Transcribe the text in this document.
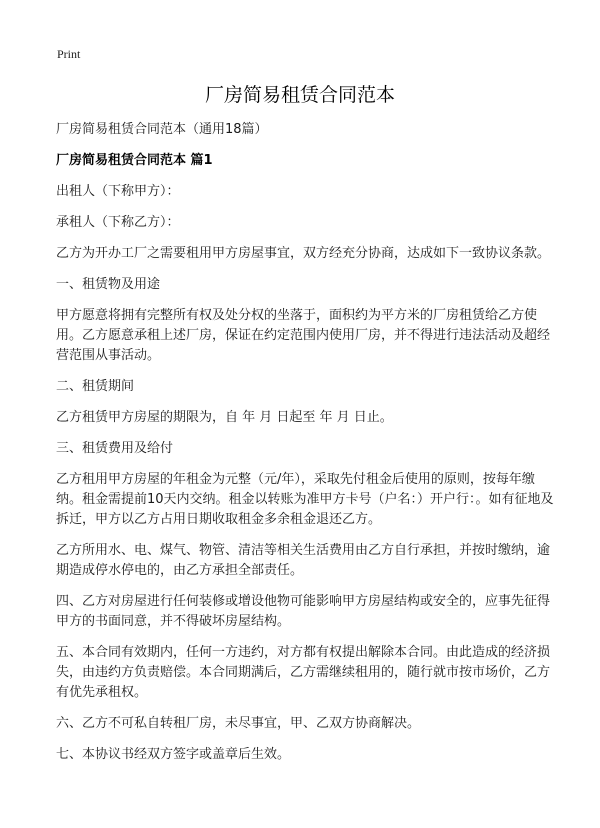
Print
厂房简易租赁合同范本

厂房简易租赁合同范本（通用18篇）

厂房简易租赁合同范本 篇1

出租人（下称甲方）：

承租人（下称乙方）：

乙方为开办工厂之需要租用甲方房屋事宜，双方经充分协商，达成如下一致协议条款。

一、租赁物及用途

甲方愿意将拥有完整所有权及处分权的坐落于，面积约为平方米的厂房租赁给乙方使用。乙方愿意承租上述厂房，保证在约定范围内使用厂房，并不得进行违法活动及超经营范围从事活动。

二、租赁期间

乙方租赁甲方房屋的期限为，自 年 月 日起至 年 月 日止。

三、租赁费用及给付

乙方租用甲方房屋的年租金为元整（元/年），采取先付租金后使用的原则，按每年缴纳。租金需提前10天内交纳。租金以转账为准甲方卡号（户名：）开户行：。如有征地及拆迁，甲方以乙方占用日期收取租金多余租金退还乙方。

乙方所用水、电、煤气、物管、清洁等相关生活费用由乙方自行承担，并按时缴纳，逾期造成停水停电的，由乙方承担全部责任。

四、乙方对房屋进行任何装修或增设他物可能影响甲方房屋结构或安全的，应事先征得甲方的书面同意，并不得破坏房屋结构。

五、本合同有效期内，任何一方违约，对方都有权提出解除本合同。由此造成的经济损失，由违约方负责赔偿。本合同期满后，乙方需继续租用的，随行就市按市场价，乙方有优先承租权。

六、乙方不可私自转租厂房，未尽事宜，甲、乙双方协商解决。

七、本协议书经双方签字或盖章后生效。
